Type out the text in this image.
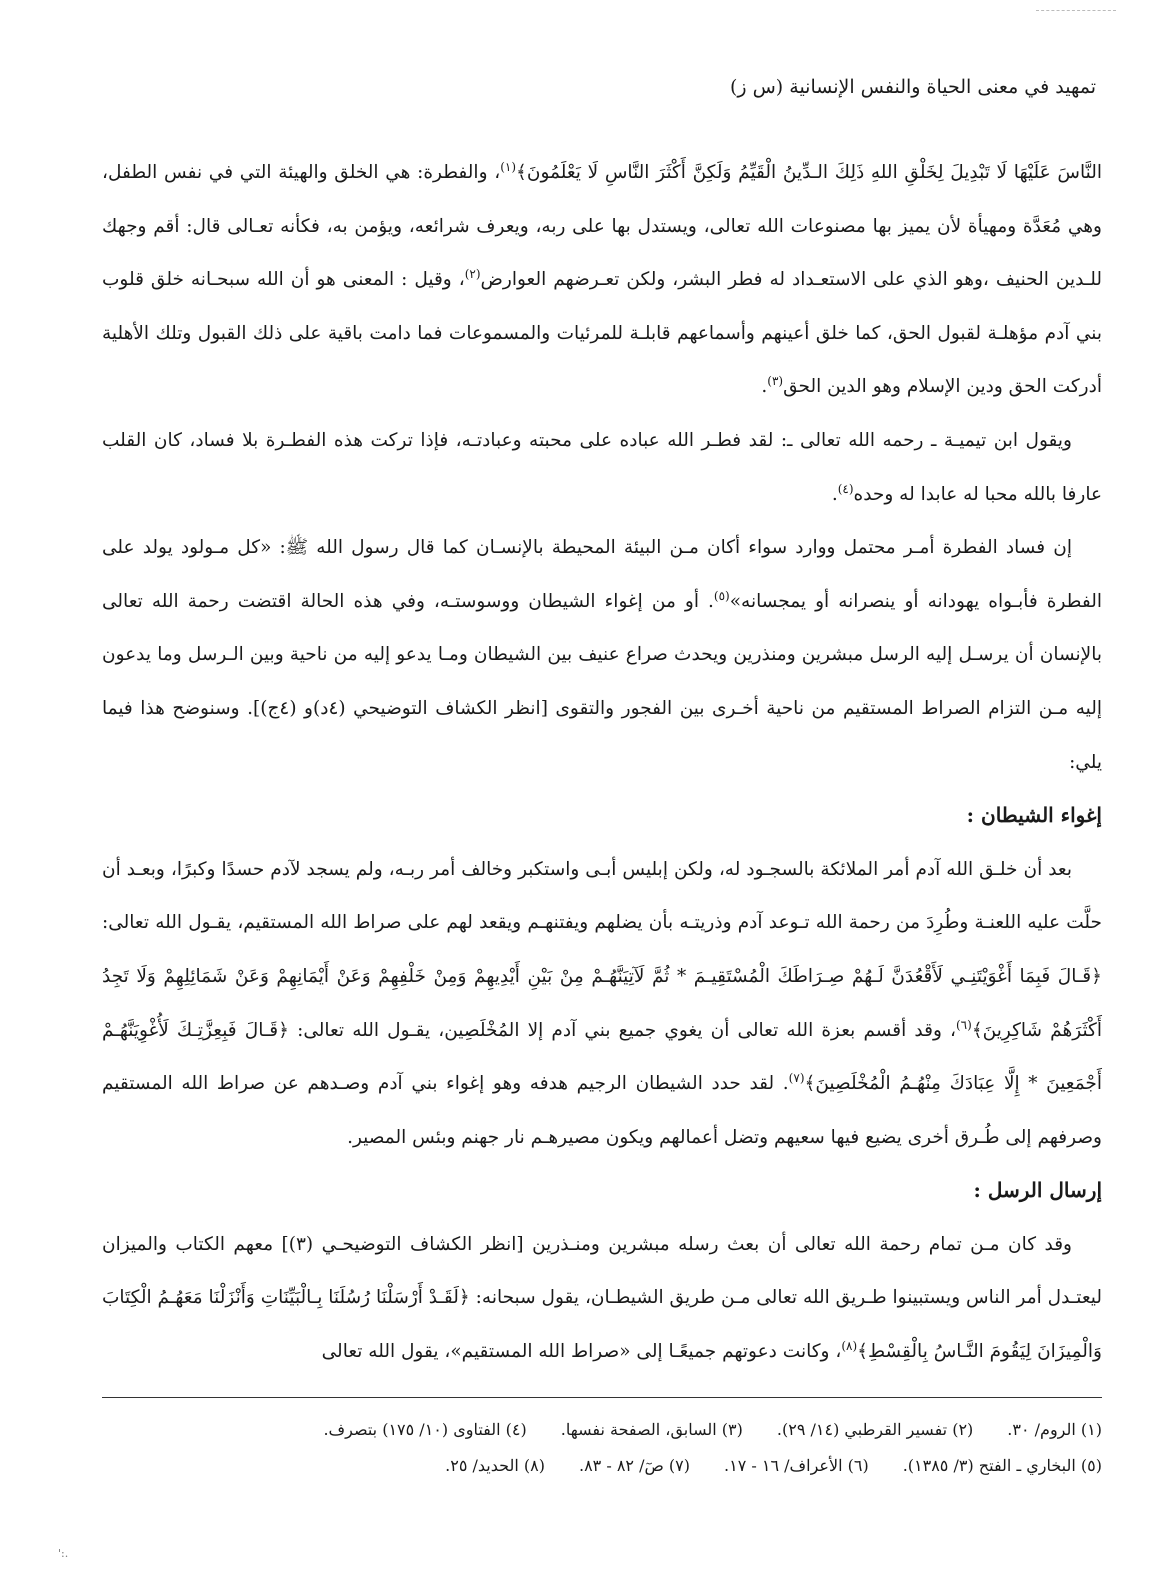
تمهيد في معنى الحياة والنفس الإنسانية (س ز)

النَّاسَ عَلَيْهَا لَا تَبْدِيلَ لِخَلْقِ اللهِ ذَلِكَ الـدِّينُ الْقَيِّمُ وَلَكِنَّ أَكْثَرَ النَّاسِ لَا يَعْلَمُونَ﴾$^{(١)}$، والفطرة: هي الخلق والهيئة التي في نفس الطفل، وهي مُعَدَّة ومهيأة لأن يميز بها مصنوعات الله تعالى، ويستدل بها على ربه، ويعرف شرائعه، ويؤمن به، فكأنه تعـالى قال: أقم وجهك للـدين الحنيف ،وهو الذي على الاستعـداد له فطر البشر، ولكن تعـرضهم العوارض$^{(٢)}$، وقيل : المعنى هو أن الله سبحـانه خلق قلوب بني آدم مؤهلـة لقبول الحق، كما خلق أعينهم وأسماعهم قابلـة للمرئيات والمسموعات فما دامت باقية على ذلك القبول وتلك الأهلية أدركت الحق ودين الإسلام وهو الدين الحق$^{(٣)}$.

ويقول ابن تيميـة ـ رحمه الله تعالى ـ: لقد فطـر الله عباده على محبته وعبادتـه، فإذا تركت هذه الفطـرة بلا فساد، كان القلب عارفا بالله محبا له عابدا له وحده$^{(٤)}$.

إن فساد الفطرة أمـر محتمل ووارد سواء أكان مـن البيئة المحيطة بالإنسـان كما قال رسول الله ﷺ: «كل مـولود يولد على الفطرة فأبـواه يهودانه أو ينصرانه أو يمجسانه»$^{(٥)}$. أو من إغواء الشيطان ووسوستـه، وفي هذه الحالة اقتضت رحمة الله تعالى بالإنسان أن يرسـل إليه الرسل مبشرين ومنذرين ويحدث صراع عنيف بين الشيطان ومـا يدعو إليه من ناحية وبين الـرسل وما يدعون إليه مـن التزام الصراط المستقيم من ناحية أخـرى بين الفجور والتقوى [انظر الكشاف التوضيحي (٤د)و (٤ج)]. وسنوضح هذا فيما يلي:

إغواء الشيطان :

بعد أن خلـق الله آدم أمر الملائكة بالسجـود له، ولكن إبليس أبـى واستكبر وخالف أمر ربـه، ولم يسجد لآدم حسدًا وكبرًا، وبعـد أن حلَّت عليه اللعنـة وطُرِدَ من رحمة الله تـوعد آدم وذريتـه بأن يضلهم ويفتنهـم ويقعد لهم على صراط الله المستقيم، يقـول الله تعالى: ﴿قَـالَ فَبِمَا أَغْوَيْتَنِـي لَأَقْعُدَنَّ لَـهُمْ صِـرَاطَكَ الْمُسْتَقِيـمَ * ثُمَّ لَآتِيَنَّهُـمْ مِنْ بَيْنِ أَيْدِيهِمْ وَمِنْ خَلْفِهِمْ وَعَنْ أَيْمَانِهِمْ وَعَنْ شَمَائِلِهِمْ وَلَا تَجِدُ أَكْثَرَهُمْ شَاكِرِينَ﴾$^{(٦)}$، وقد أقسم بعزة الله تعالى أن يغوي جميع بني آدم إلا المُخْلَصِين، يقـول الله تعالى: ﴿قَـالَ فَبِعِزَّتِـكَ لَأُغْوِيَنَّهُـمْ أَجْمَعِينَ * إِلَّا عِبَادَكَ مِنْهُـمُ الْمُخْلَصِينَ﴾$^{(٧)}$. لقد حدد الشيطان الرجيم هدفه وهو إغواء بني آدم وصـدهم عن صراط الله المستقيم وصرفهم إلى طُـرق أخرى يضيع فيها سعيهم وتضل أعمالهم ويكون مصيرهـم نار جهنم وبئس المصير.

إرسال الرسل :

وقد كان مـن تمام رحمة الله تعالى أن بعث رسله مبشرين ومنـذرين [انظر الكشاف التوضيحـي (٣)] معهم الكتاب والميزان ليعتـدل أمر الناس ويستبينوا طـريق الله تعالى مـن طريق الشيطـان، يقول سبحانه: ﴿لَقَـدْ أَرْسَلْنَا رُسُلَنَا بِـالْبَيِّنَاتِ وَأَنْزَلْنَا مَعَهُـمُ الْكِتَابَ وَالْمِيزَانَ لِيَقُومَ النَّـاسُ بِالْقِسْطِ﴾$^{(٨)}$، وكانت دعوتهم جميعًـا إلى «صراط الله المستقيم»، يقول الله تعالى

(١) الروم/ ٣٠.
(٢) تفسير القرطبي (١٤/ ٢٩).
(٣) السابق، الصفحة نفسها.
(٤) الفتاوى (١٠/ ١٧٥) بتصرف.
(٥) البخاري ـ الفتح (٣/ ١٣٨٥).
(٦) الأعراف/ ١٦ - ١٧.
(٧) صٓ/ ٨٢ - ٨٣.
(٨) الحديد/ ٢٥.
.:'
